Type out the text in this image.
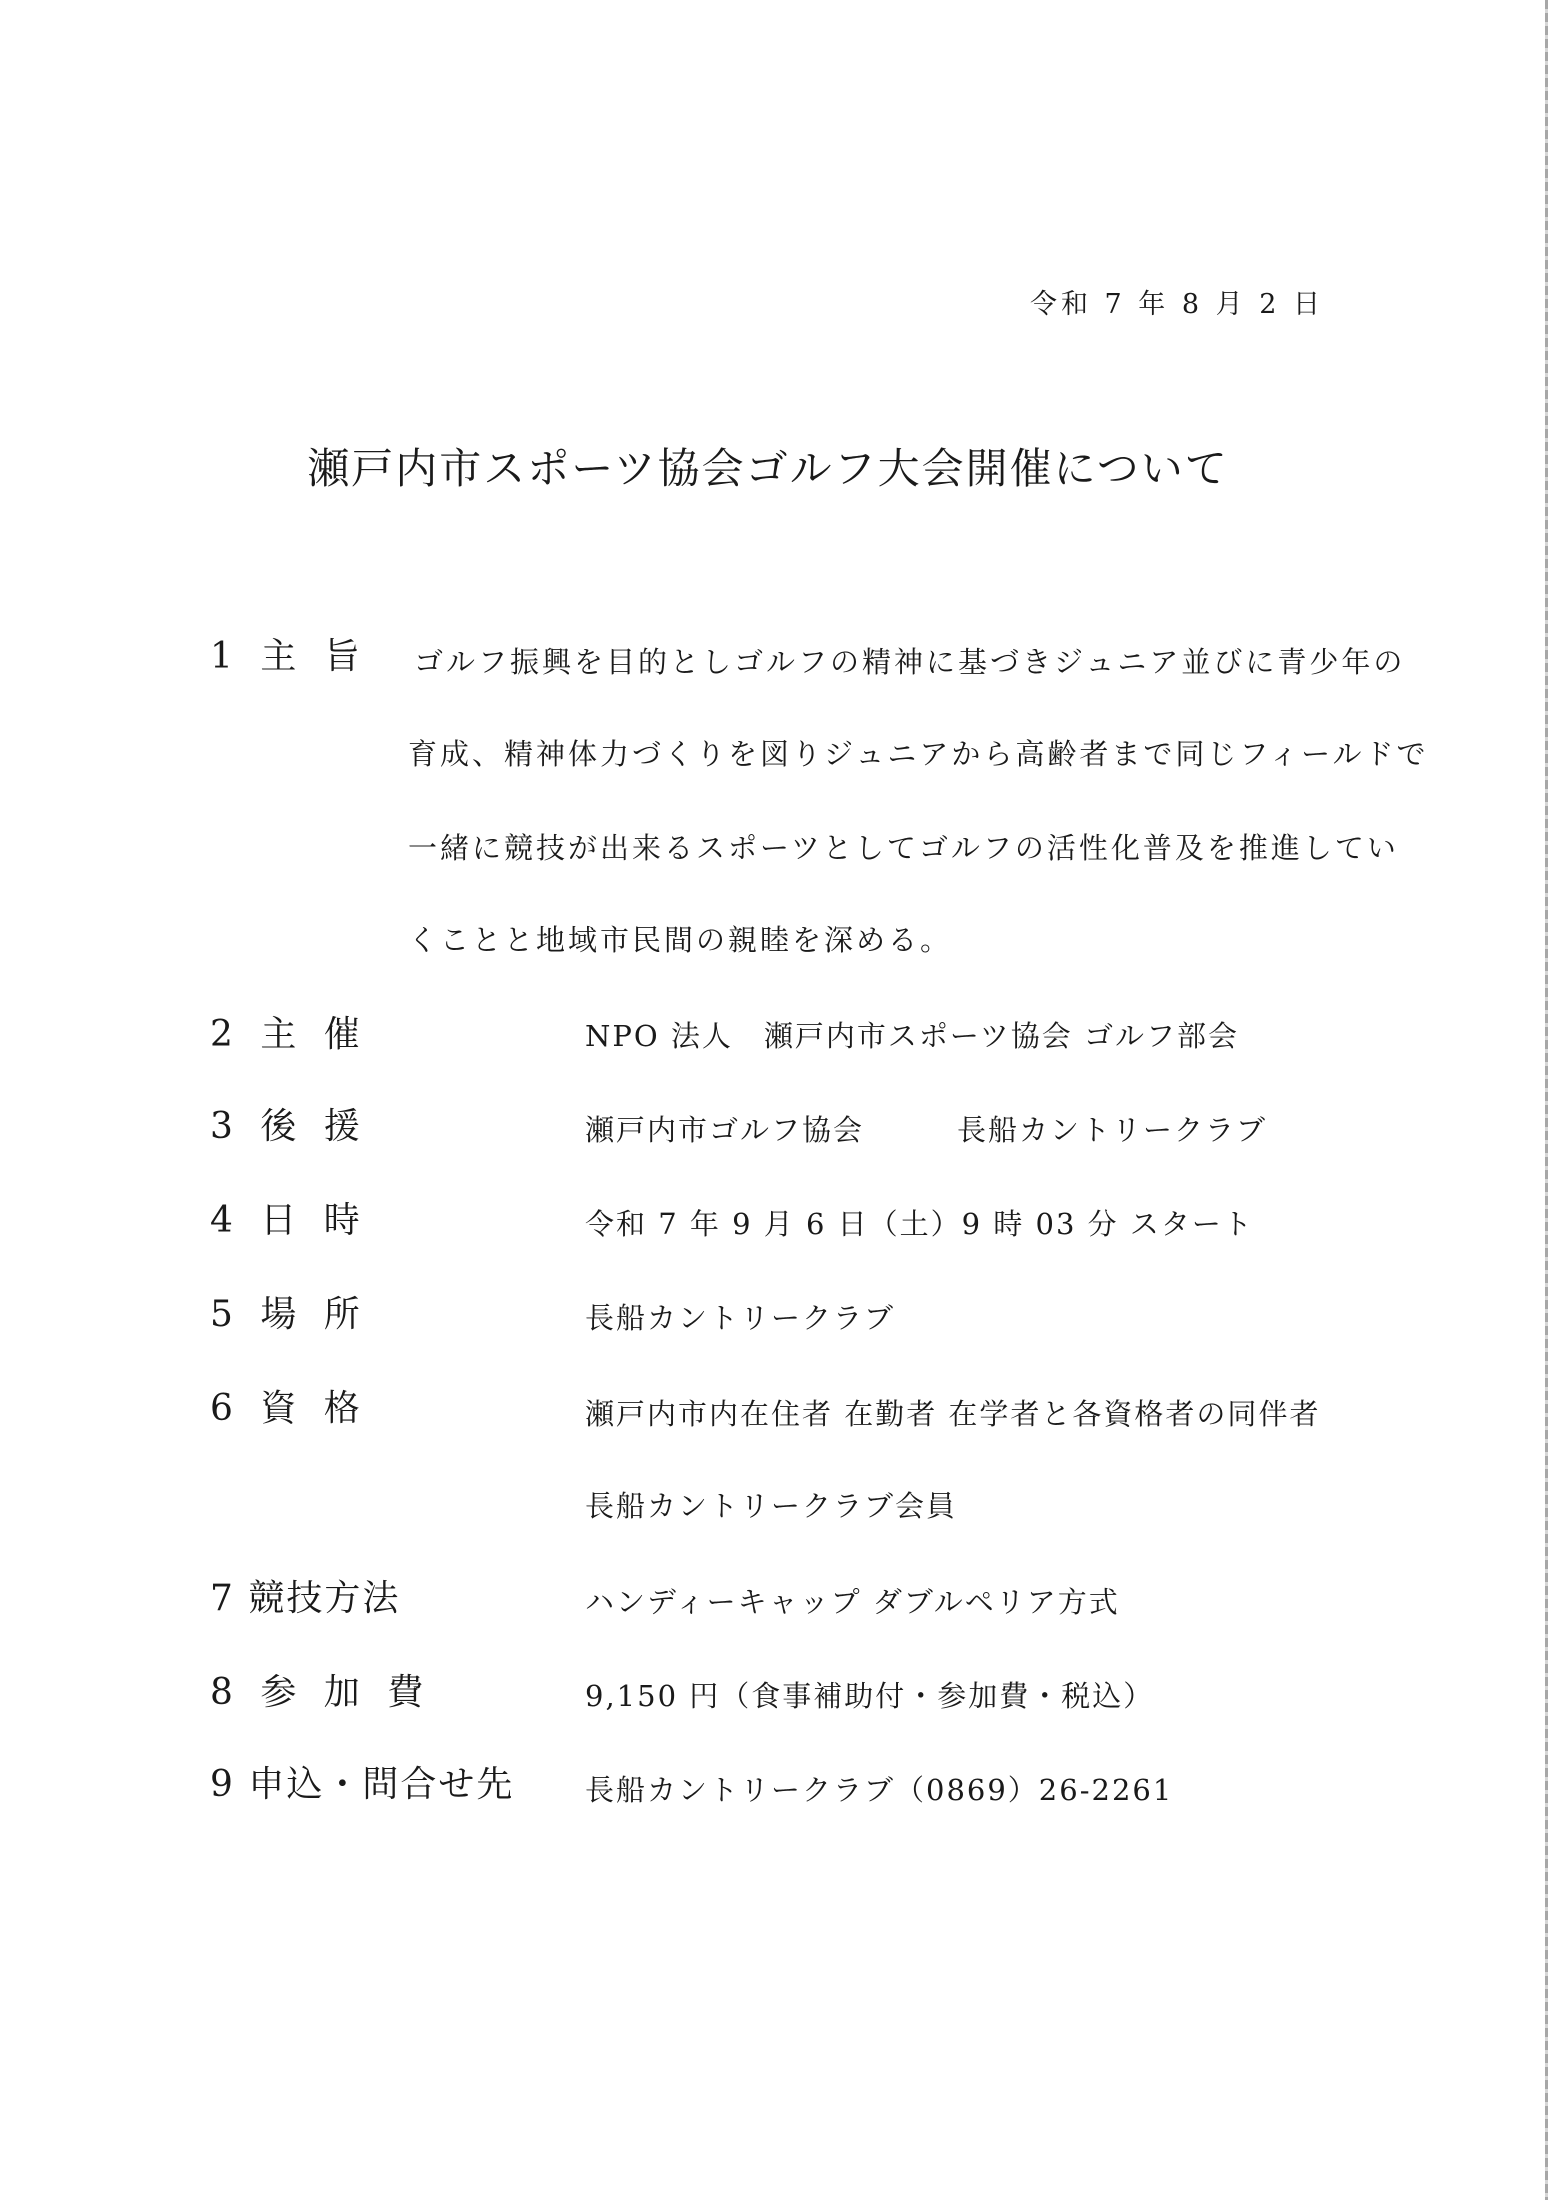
令和 7 年 8 月 2 日
瀬戸内市スポーツ協会ゴルフ大会開催について
1 主 旨 ゴルフ振興を目的としゴルフの精神に基づきジュニア並びに青少年の
育成、精神体力づくりを図りジュニアから高齢者まで同じフィールドで
一緒に競技が出来るスポーツとしてゴルフの活性化普及を推進してい
くことと地域市民間の親睦を深める。
2 主 催	NPO 法人　瀬戸内市スポーツ協会 ゴルフ部会
3 後 援	瀬戸内市ゴルフ協会　　　長船カントリークラブ
4 日 時	令和 7 年 9 月 6 日（土）9 時 03 分 スタート
5 場 所	長船カントリークラブ
6 資 格	瀬戸内市内在住者 在勤者 在学者と各資格者の同伴者
長船カントリークラブ会員
7 競技方法	ハンディーキャップ ダブルペリア方式
8 参 加 費	9,150 円（食事補助付・参加費・税込）
9 申込・問合せ先 長船カントリークラブ（0869）26-2261
